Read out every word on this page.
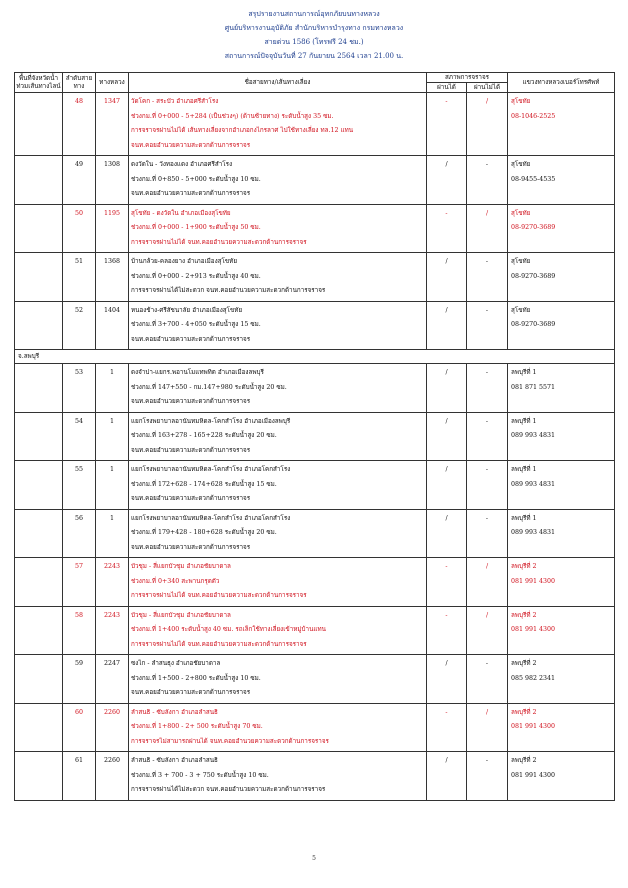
สรุปรายงานสถานการณ์อุทกภัยบนทางหลวง
ศูนย์บริหารงานอุบัติภัย สำนักบริหารบำรุงทาง กรมทางหลวง
สายด่วน 1586 (โทรฟรี 24 ชม.)
สถานการณ์ปัจจุบันวันที่ 27 กันยายน 2564 เวลา 21.00 น.
พื้นที่จังหวัดน้ำท่วมเส้นทางไลน์	ลำดับสายทาง	ทางหลวง	ชื่อสายทาง/เส้นทางเลี่ยง	สภาพการจราจร		แขวงทางหลวงเบอร์โทรศัพท์
				ผ่านได้	ผ่านไม่ได้	
	48	1347	วัดโคก - สระบัว อำเภอศรีสำโรง
ช่วงกม.ที่ 0+000 - 5+284 (เป็นช่วงๆ) (ด้านซ้ายทาง) ระดับน้ำสูง 35 ซม.
การจราจรผ่านไม่ได้ เส้นทางเลี่ยงจากอำเภอกงไกรลาศ ไปใช้ทางเลี่ยง ทล.12 แทน
จนท.คอยอำนวยความสะดวกด้านการจราจร	-	/	สุโขทัย
08-1046-2525

	49	1308	ดงวัดใน - วังทองแดง อำเภอศรีสำโรง
ช่วงกม.ที่ 0+850 - 5+000 ระดับน้ำสูง 10 ซม.
จนท.คอยอำนวยความสะดวกด้านการจราจร	/	-	สุโขทัย
08-9455-4535

	50	1195	สุโขทัย - ดงวัดใน อำเภอเมืองสุโขทัย
ช่วงกม.ที่ 0+000 - 1+900 ระดับน้ำสูง 50 ซม.
การจราจรผ่านไม่ได้ จนท.คอยอำนวยความสะดวกด้านการจราจร	-	/	สุโขทัย
08-9270-3689

	51	1368	บ้านกล้วย-คลองยาง อำเภอเมืองสุโขทัย
ช่วงกม.ที่ 0+000 - 2+913 ระดับน้ำสูง 40 ซม.
การจราจรผ่านได้ไม่สะดวก จนท.คอยอำนวยความสะดวกด้านการจราจร	/	-	สุโขทัย
08-9270-3689

	52	1404	หนองช้าง-ศรีสัชนาลัย อำเภอเมืองสุโขทัย
ช่วงกม.ที่ 3+700 - 4+050 ระดับน้ำสูง 15 ซม.
จนท.คอยอำนวยความสะดวกด้านการจราจร	/	-	สุโขทัย
08-9270-3689

จ.ลพบุรี						
	53	1	ดงจำปา-แยกร.พอานโมแทพทิต อำเภอเมืองลพบุรี
ช่วงกม.ที่ 147+550 - กม.147+980 ระดับน้ำสูง 20 ซม.
จนท.คอยอำนวยความสะดวกด้านการจราจร	/	-	ลพบุรีที่ 1
081 871 5571

	54	1	แยกโรงพยาบาลอานันทมหิดล-โคกสำโรง อำเภอเมืองลพบุรี
ช่วงกม.ที่ 163+278 - 165+228 ระดับน้ำสูง 20 ซม.
จนท.คอยอำนวยความสะดวกด้านการจราจร	/	-	ลพบุรีที่ 1
089 993 4831

	55	1	แยกโรงพยาบาลอานันทมหิดล-โคกสำโรง อำเภอโคกสำโรง
ช่วงกม.ที่ 172+628 - 174+628 ระดับน้ำสูง 15 ซม.
จนท.คอยอำนวยความสะดวกด้านการจราจร	/	-	ลพบุรีที่ 1
089 993 4831

	56	1	แยกโรงพยาบาลอานันทมหิดล-โคกสำโรง อำเภอโคกสำโรง
ช่วงกม.ที่ 179+428 - 180+628 ระดับน้ำสูง 20 ซม.
จนท.คอยอำนวยความสะดวกด้านการจราจร	/	-	ลพบุรีที่ 1
089 993 4831

	57	2243	บัวชุม - สี่แยกบัวชุม อำเภอชัยบาดาล
ช่วงกม.ที่ 0+340 สะพานกรุดตัว
การจราจรผ่านไม่ได้ จนท.คอยอำนวยความสะดวกด้านการจราจร	-	/	ลพบุรีที่ 2
081 991 4300

	58	2243	บัวชุม - สี่แยกบัวชุม อำเภอชัยบาดาล
ช่วงกม.ที่ 1+400 ระดับน้ำสูง 40 ซม. รถเล็กใช้ทางเลี่ยงเข้าหมู่บ้านแทน
การจราจรผ่านไม่ได้ จนท.คอยอำนวยความสะดวกด้านการจราจร	-	/	ลพบุรีที่ 2
081 991 4300

	59	2247	ซงไก - ลำสนธุง อำเภอชัยบาดาล
ช่วงกม.ที่ 1+500 - 2+800 ระดับน้ำสูง 10 ซม.
จนท.คอยอำนวยความสะดวกด้านการจราจร	/	-	ลพบุรีที่ 2
085 982 2341

	60	2260	ลำสนธิ - ซับลังกา อำเภอลำสนธิ
ช่วงกม.ที่ 1+800 - 2+ 500 ระดับน้ำสูง 70 ซม.
การจราจรไม่สามารถผ่านได้ จนท.คอยอำนวยความสะดวกด้านการจราจร	-	/	ลพบุรีที่ 2
081 991 4300

	61	2260	ลำสนธิ - ซับลังกา อำเภอลำสนธิ
ช่วงกม.ที่ 3 + 700 - 3 + 750 ระดับน้ำสูง 10 ซม.
การจราจรผ่านได้ไม่สะดวก จนท.คอยอำนวยความสะดวกด้านการจราจร	/	-	ลพบุรีที่ 2
081 991 4300
5
